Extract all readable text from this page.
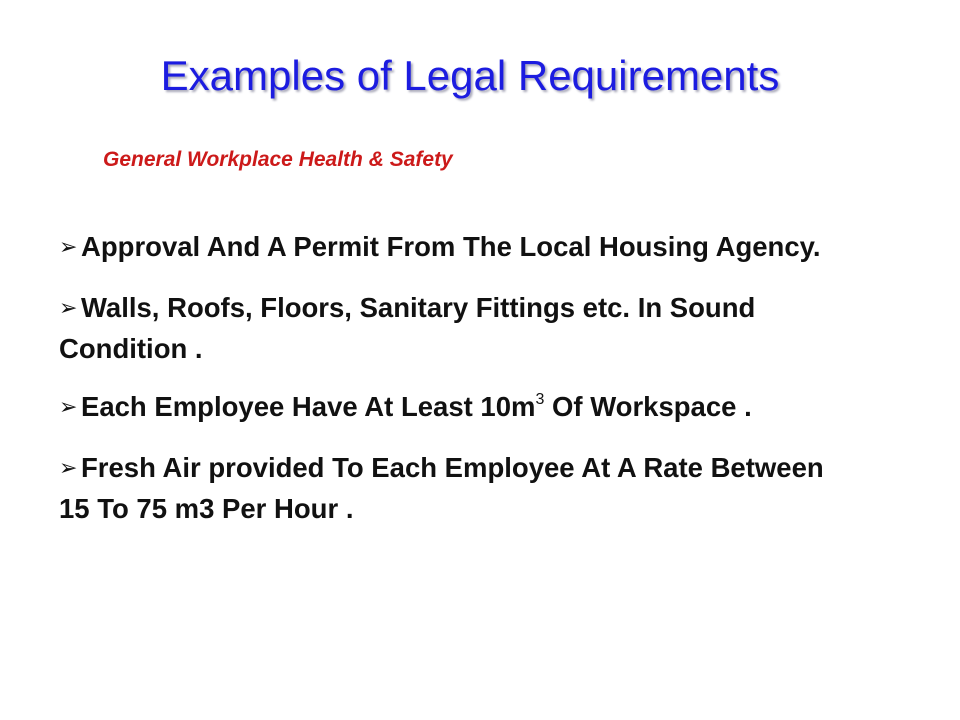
Examples of Legal Requirements

General Workplace Health & Safety

➢ Approval And A Permit From The Local Housing Agency.
➢ Walls, Roofs, Floors, Sanitary Fittings etc. In Sound Condition .
➢ Each Employee Have At Least $10m^3$ Of Workspace .
➢ Fresh Air provided To Each Employee At A Rate Between 15 To 75 m3 Per Hour .
